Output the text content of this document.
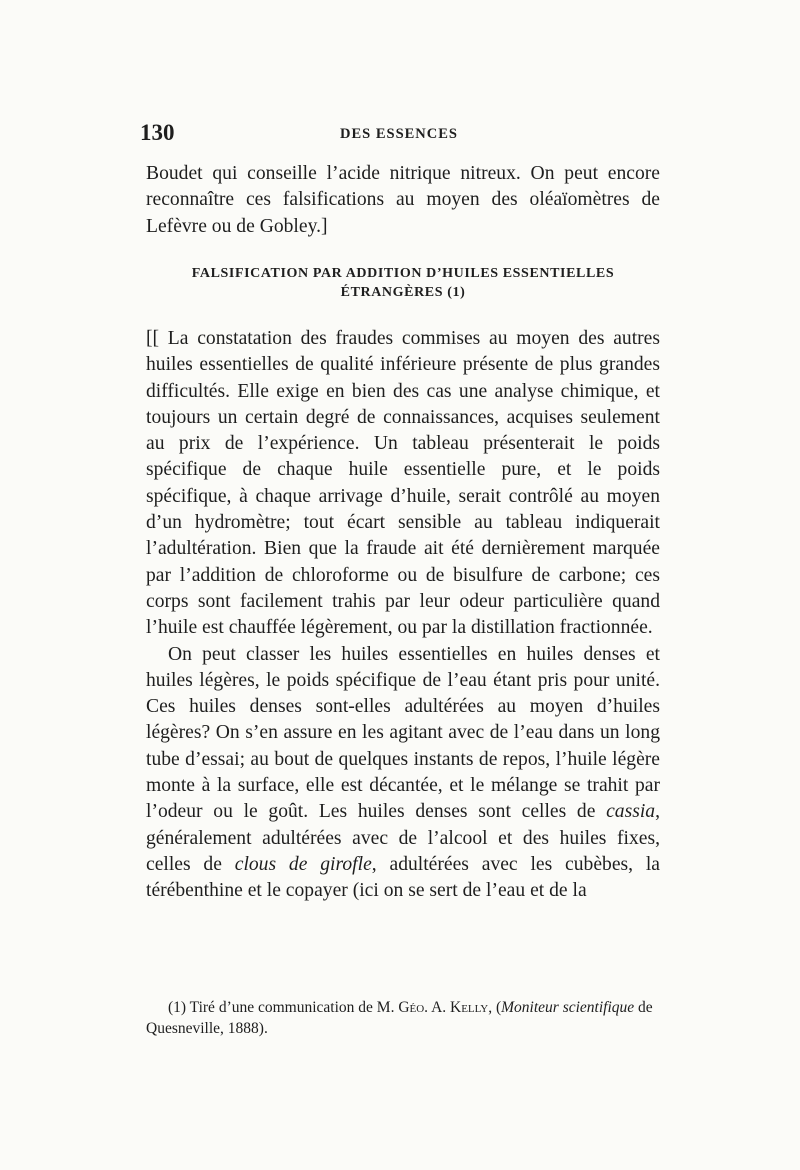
130	DES ESSENCES

Boudet qui conseille l’acide nitrique nitreux. On peut encore reconnaître ces falsifications au moyen des oléaïomètres de Lefèvre ou de Gobley.]

FALSIFICATION PAR ADDITION D’HUILES ESSENTIELLES
ÉTRANGÈRES (1)

[[ La constatation des fraudes commises au moyen des autres huiles essentielles de qualité inférieure présente de plus grandes difficultés. Elle exige en bien des cas une analyse chimique, et toujours un certain degré de connaissances, acquises seulement au prix de l’expérience. Un tableau présenterait le poids spécifique de chaque huile essentielle pure, et le poids spécifique, à chaque arrivage d’huile, serait contrôlé au moyen d’un hydromètre; tout écart sensible au tableau indiquerait l’adultération. Bien que la fraude ait été dernièrement marquée par l’addition de chloroforme ou de bisulfure de carbone; ces corps sont facilement trahis par leur odeur particulière quand l’huile est chauffée légèrement, ou par la distillation fractionnée.

On peut classer les huiles essentielles en huiles denses et huiles légères, le poids spécifique de l’eau étant pris pour unité. Ces huiles denses sont-elles adultérées au moyen d’huiles légères? On s’en assure en les agitant avec de l’eau dans un long tube d’essai; au bout de quelques instants de repos, l’huile légère monte à la surface, elle est décantée, et le mélange se trahit par l’odeur ou le goût. Les huiles denses sont celles de cassia, généralement adultérées avec de l’alcool et des huiles fixes, celles de clous de girofle, adultérées avec les cubèbes, la térébenthine et le copayer (ici on se sert de l’eau et de la

(1) Tiré d’une communication de M. Géo. A. Kelly, (Moniteur scientifique de Quesneville, 1888).
